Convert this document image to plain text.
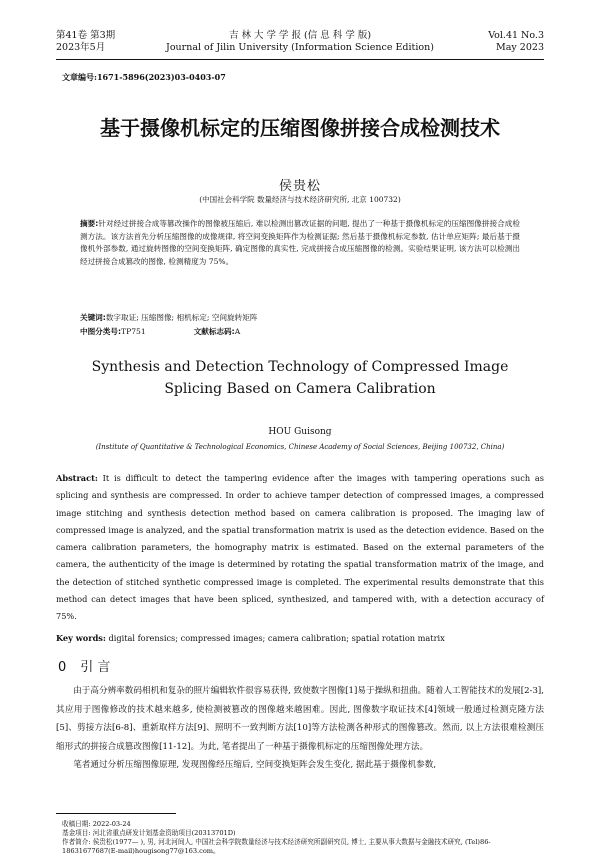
第41卷 第3期
2023年5月
吉 林 大 学 学 报 (信 息 科 学 版)
Journal of Jilin University (Information Science Edition)
Vol.41 No.3
May 2023
文章编号:1671-5896(2023)03-0403-07
基于摄像机标定的压缩图像拼接合成检测技术
侯贵松
(中国社会科学院 数量经济与技术经济研究所, 北京 100732)
摘要:针对经过拼接合成等篡改操作的图像被压缩后, 难以检测出篡改证据的问题, 提出了一种基于摄像机标定的压缩图像拼接合成检测方法。该方法首先分析压缩图像的成像规律, 将空间变换矩阵作为检测证据; 然后基于摄像机标定参数, 估计单应矩阵; 最后基于摄像机外部参数, 通过旋转图像的空间变换矩阵, 确定图像的真实性, 完成拼接合成压缩图像的检测。实验结果证明, 该方法可以检测出经过拼接合成篡改的图像, 检测精度为 75%。
关键词:数字取证; 压缩图像; 相机标定; 空间旋转矩阵
中图分类号:TP751	文献标志码:A
Synthesis and Detection Technology of Compressed Image
Splicing Based on Camera Calibration
HOU Guisong
(Institute of Quantitative & Technological Economics, Chinese Academy of Social Sciences, Beijing 100732, China)
Abstract: It is difficult to detect the tampering evidence after the images with tampering operations such as splicing and synthesis are compressed. In order to achieve tamper detection of compressed images, a compressed image stitching and synthesis detection method based on camera calibration is proposed. The imaging law of compressed image is analyzed, and the spatial transformation matrix is used as the detection evidence. Based on the camera calibration parameters, the homography matrix is estimated. Based on the external parameters of the camera, the authenticity of the image is determined by rotating the spatial transformation matrix of the image, and the detection of stitched synthetic compressed image is completed. The experimental results demonstrate that this method can detect images that have been spliced, synthesized, and tampered with, with a detection accuracy of 75%.
Key words: digital forensics; compressed images; camera calibration; spatial rotation matrix
0 引 言

由于高分辨率数码相机和复杂的照片编辑软件很容易获得, 致使数字图像[1]易于操纵和扭曲。随着人工智能技术的发展[2-3], 其应用于图像修改的技术越来越多, 使检测被篡改的图像越来越困难。因此, 图像数字取证技术[4]领域一般通过检测克隆方法[5]、剪接方法[6-8]、重新取样方法[9]、照明不一致判断方法[10]等方法检测各种形式的图像篡改。然而, 以上方法很难检测压缩形式的拼接合成篡改图像[11-12]。为此, 笔者提出了一种基于摄像机标定的压缩图像处理方法。

笔者通过分析压缩图像原理, 发现图像经压缩后, 空间变换矩阵会发生变化, 据此基于摄像机参数,

收稿日期: 2022-03-24
基金项目: 河北省重点研发计划基金资助项目(20313701D)
作者简介: 侯贵松(1977— ), 男, 河北河间人, 中国社会科学院数量经济与技术经济研究所副研究员, 博士, 主要从事大数据与金融技术研究, (Tel)86-18631677687(E-mail)hougisong77@163.com。
